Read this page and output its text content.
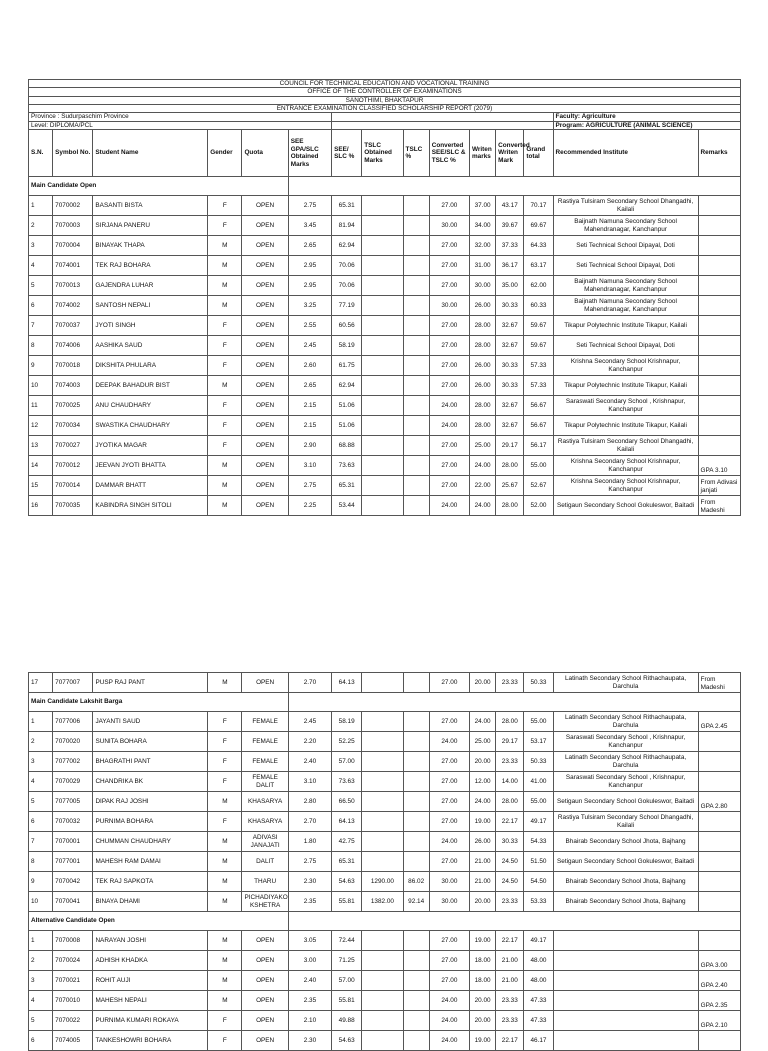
COUNCIL FOR TECHNICAL EDUCATION AND VOCATIONAL TRAINING														
OFFICE OF THE CONTROLLER OF EXAMINATIONS														
SANOTHIMI, BHAKTAPUR														
ENTRANCE EXAMINATION CLASSIFIED SCHOLARSHIP REPORT (2079)														
Province : Sudurpaschim Province													Faculty: Agriculture	
Level: DIPLOMA/PCL													Program: AGRICULTURE (ANIMAL SCIENCE)	
S.N.	Symbol No.	Student Name	Gender	Quota	SEE GPA/SLC Obtained Marks	SEE/ SLC %	TSLC Obtained Marks	TSLC %	Converted SEE/SLC & TSLC %	Writen marks	Converted Writen Mark	Grand total	Recommended Institute	Remarks
Main Candidate Open														
1	7070002	BASANTI BISTA	F	OPEN	2.75	65.31			27.00	37.00	43.17	70.17	Rastiya Tulsiram Secondary School Dhangadhi, Kailali	
2	7070003	SIRJANA PANERU	F	OPEN	3.45	81.94			30.00	34.00	39.67	69.67	Baijnath Namuna Secondary School Mahendranagar, Kanchanpur	
3	7070004	BINAYAK THAPA	M	OPEN	2.65	62.94			27.00	32.00	37.33	64.33	Seti Technical School Dipayal, Doti	
4	7074001	TEK RAJ BOHARA	M	OPEN	2.95	70.06			27.00	31.00	36.17	63.17	Seti Technical School Dipayal, Doti	
5	7070013	GAJENDRA LUHAR	M	OPEN	2.95	70.06			27.00	30.00	35.00	62.00	Baijnath Namuna Secondary School Mahendranagar, Kanchanpur	
6	7074002	SANTOSH NEPALI	M	OPEN	3.25	77.19			30.00	26.00	30.33	60.33	Baijnath Namuna Secondary School Mahendranagar, Kanchanpur	
7	7070037	JYOTI SINGH	F	OPEN	2.55	60.56			27.00	28.00	32.67	59.67	Tikapur Polytechnic Institute Tikapur, Kailali	
8	7074006	AASHIKA SAUD	F	OPEN	2.45	58.19			27.00	28.00	32.67	59.67	Seti Technical School Dipayal, Doti	
9	7070018	DIKSHITA PHULARA	F	OPEN	2.60	61.75			27.00	26.00	30.33	57.33	Krishna Secondary School Krishnapur, Kanchanpur	
10	7074003	DEEPAK BAHADUR BIST	M	OPEN	2.65	62.94			27.00	26.00	30.33	57.33	Tikapur Polytechnic Institute Tikapur, Kailali	
11	7070025	ANU CHAUDHARY	F	OPEN	2.15	51.06			24.00	28.00	32.67	56.67	Saraswati Secondary School , Krishnapur, Kanchanpur	
12	7070034	SWASTIKA CHAUDHARY	F	OPEN	2.15	51.06			24.00	28.00	32.67	56.67	Tikapur Polytechnic Institute Tikapur, Kailali	
13	7070027	JYOTIKA MAGAR	F	OPEN	2.90	68.88			27.00	25.00	29.17	56.17	Rastiya Tulsiram Secondary School Dhangadhi, Kailali	
14	7070012	JEEVAN JYOTI BHATTA	M	OPEN	3.10	73.63			27.00	24.00	28.00	55.00	Krishna Secondary School Krishnapur, Kanchanpur	GPA 3.10
15	7070014	DAMMAR BHATT	M	OPEN	2.75	65.31			27.00	22.00	25.67	52.67	Krishna Secondary School Krishnapur, Kanchanpur	From Adivasi janjati
16	7070035	KABINDRA SINGH SITOLI	M	OPEN	2.25	53.44			24.00	24.00	28.00	52.00	Setigaun Secondary School Gokuleswor, Baitadi	From Madeshi
17	7077007	PUSP RAJ PANT	M	OPEN	2.70	64.13			27.00	20.00	23.33	50.33	Latinath Secondary School Rithachaupata, Darchula	From Madeshi
Main Candidate Lakshit Barga														
1	7077006	JAYANTI SAUD	F	FEMALE	2.45	58.19			27.00	24.00	28.00	55.00	Latinath Secondary School Rithachaupata, Darchula	GPA 2.45
2	7070020	SUNITA BOHARA	F	FEMALE	2.20	52.25			24.00	25.00	29.17	53.17	Saraswati Secondary School , Krishnapur, Kanchanpur	
3	7077002	BHAGRATHI PANT	F	FEMALE	2.40	57.00			27.00	20.00	23.33	50.33	Latinath Secondary School Rithachaupata, Darchula	
4	7070029	CHANDRIKA BK	F	FEMALE DALIT	3.10	73.63			27.00	12.00	14.00	41.00	Saraswati Secondary School , Krishnapur, Kanchanpur	
5	7077005	DIPAK RAJ JOSHI	M	KHASARYA	2.80	66.50			27.00	24.00	28.00	55.00	Setigaun Secondary School Gokuleswor, Baitadi	GPA 2.80
6	7070032	PURNIMA BOHARA	F	KHASARYA	2.70	64.13			27.00	19.00	22.17	49.17	Rastiya Tulsiram Secondary School Dhangadhi, Kailali	
7	7070001	CHUMMAN CHAUDHARY	M	ADIVASI JANAJATI	1.80	42.75			24.00	26.00	30.33	54.33	Bhairab Secondary School Jhota, Bajhang	
8	7077001	MAHESH RAM DAMAI	M	DALIT	2.75	65.31			27.00	21.00	24.50	51.50	Setigaun Secondary School Gokuleswor, Baitadi	
9	7070042	TEK RAJ SAPKOTA	M	THARU	2.30	54.63	1290.00	86.02	30.00	21.00	24.50	54.50	Bhairab Secondary School Jhota, Bajhang	
10	7070041	BINAYA DHAMI	M	PICHADIYAKO KSHETRA	2.35	55.81	1382.00	92.14	30.00	20.00	23.33	53.33	Bhairab Secondary School Jhota, Bajhang	
Alternative Candidate Open														
1	7070008	NARAYAN JOSHI	M	OPEN	3.05	72.44			27.00	19.00	22.17	49.17		
2	7070024	ADHISH KHADKA	M	OPEN	3.00	71.25			27.00	18.00	21.00	48.00		GPA 3.00
3	7070021	ROHIT AUJI	M	OPEN	2.40	57.00			27.00	18.00	21.00	48.00		GPA 2.40
4	7070010	MAHESH NEPALI	M	OPEN	2.35	55.81			24.00	20.00	23.33	47.33		GPA 2.35
5	7070022	PURNIMA KUMARI ROKAYA	F	OPEN	2.10	49.88			24.00	20.00	23.33	47.33		GPA 2.10
6	7074005	TANKESHOWRI BOHARA	F	OPEN	2.30	54.63			24.00	19.00	22.17	46.17		
